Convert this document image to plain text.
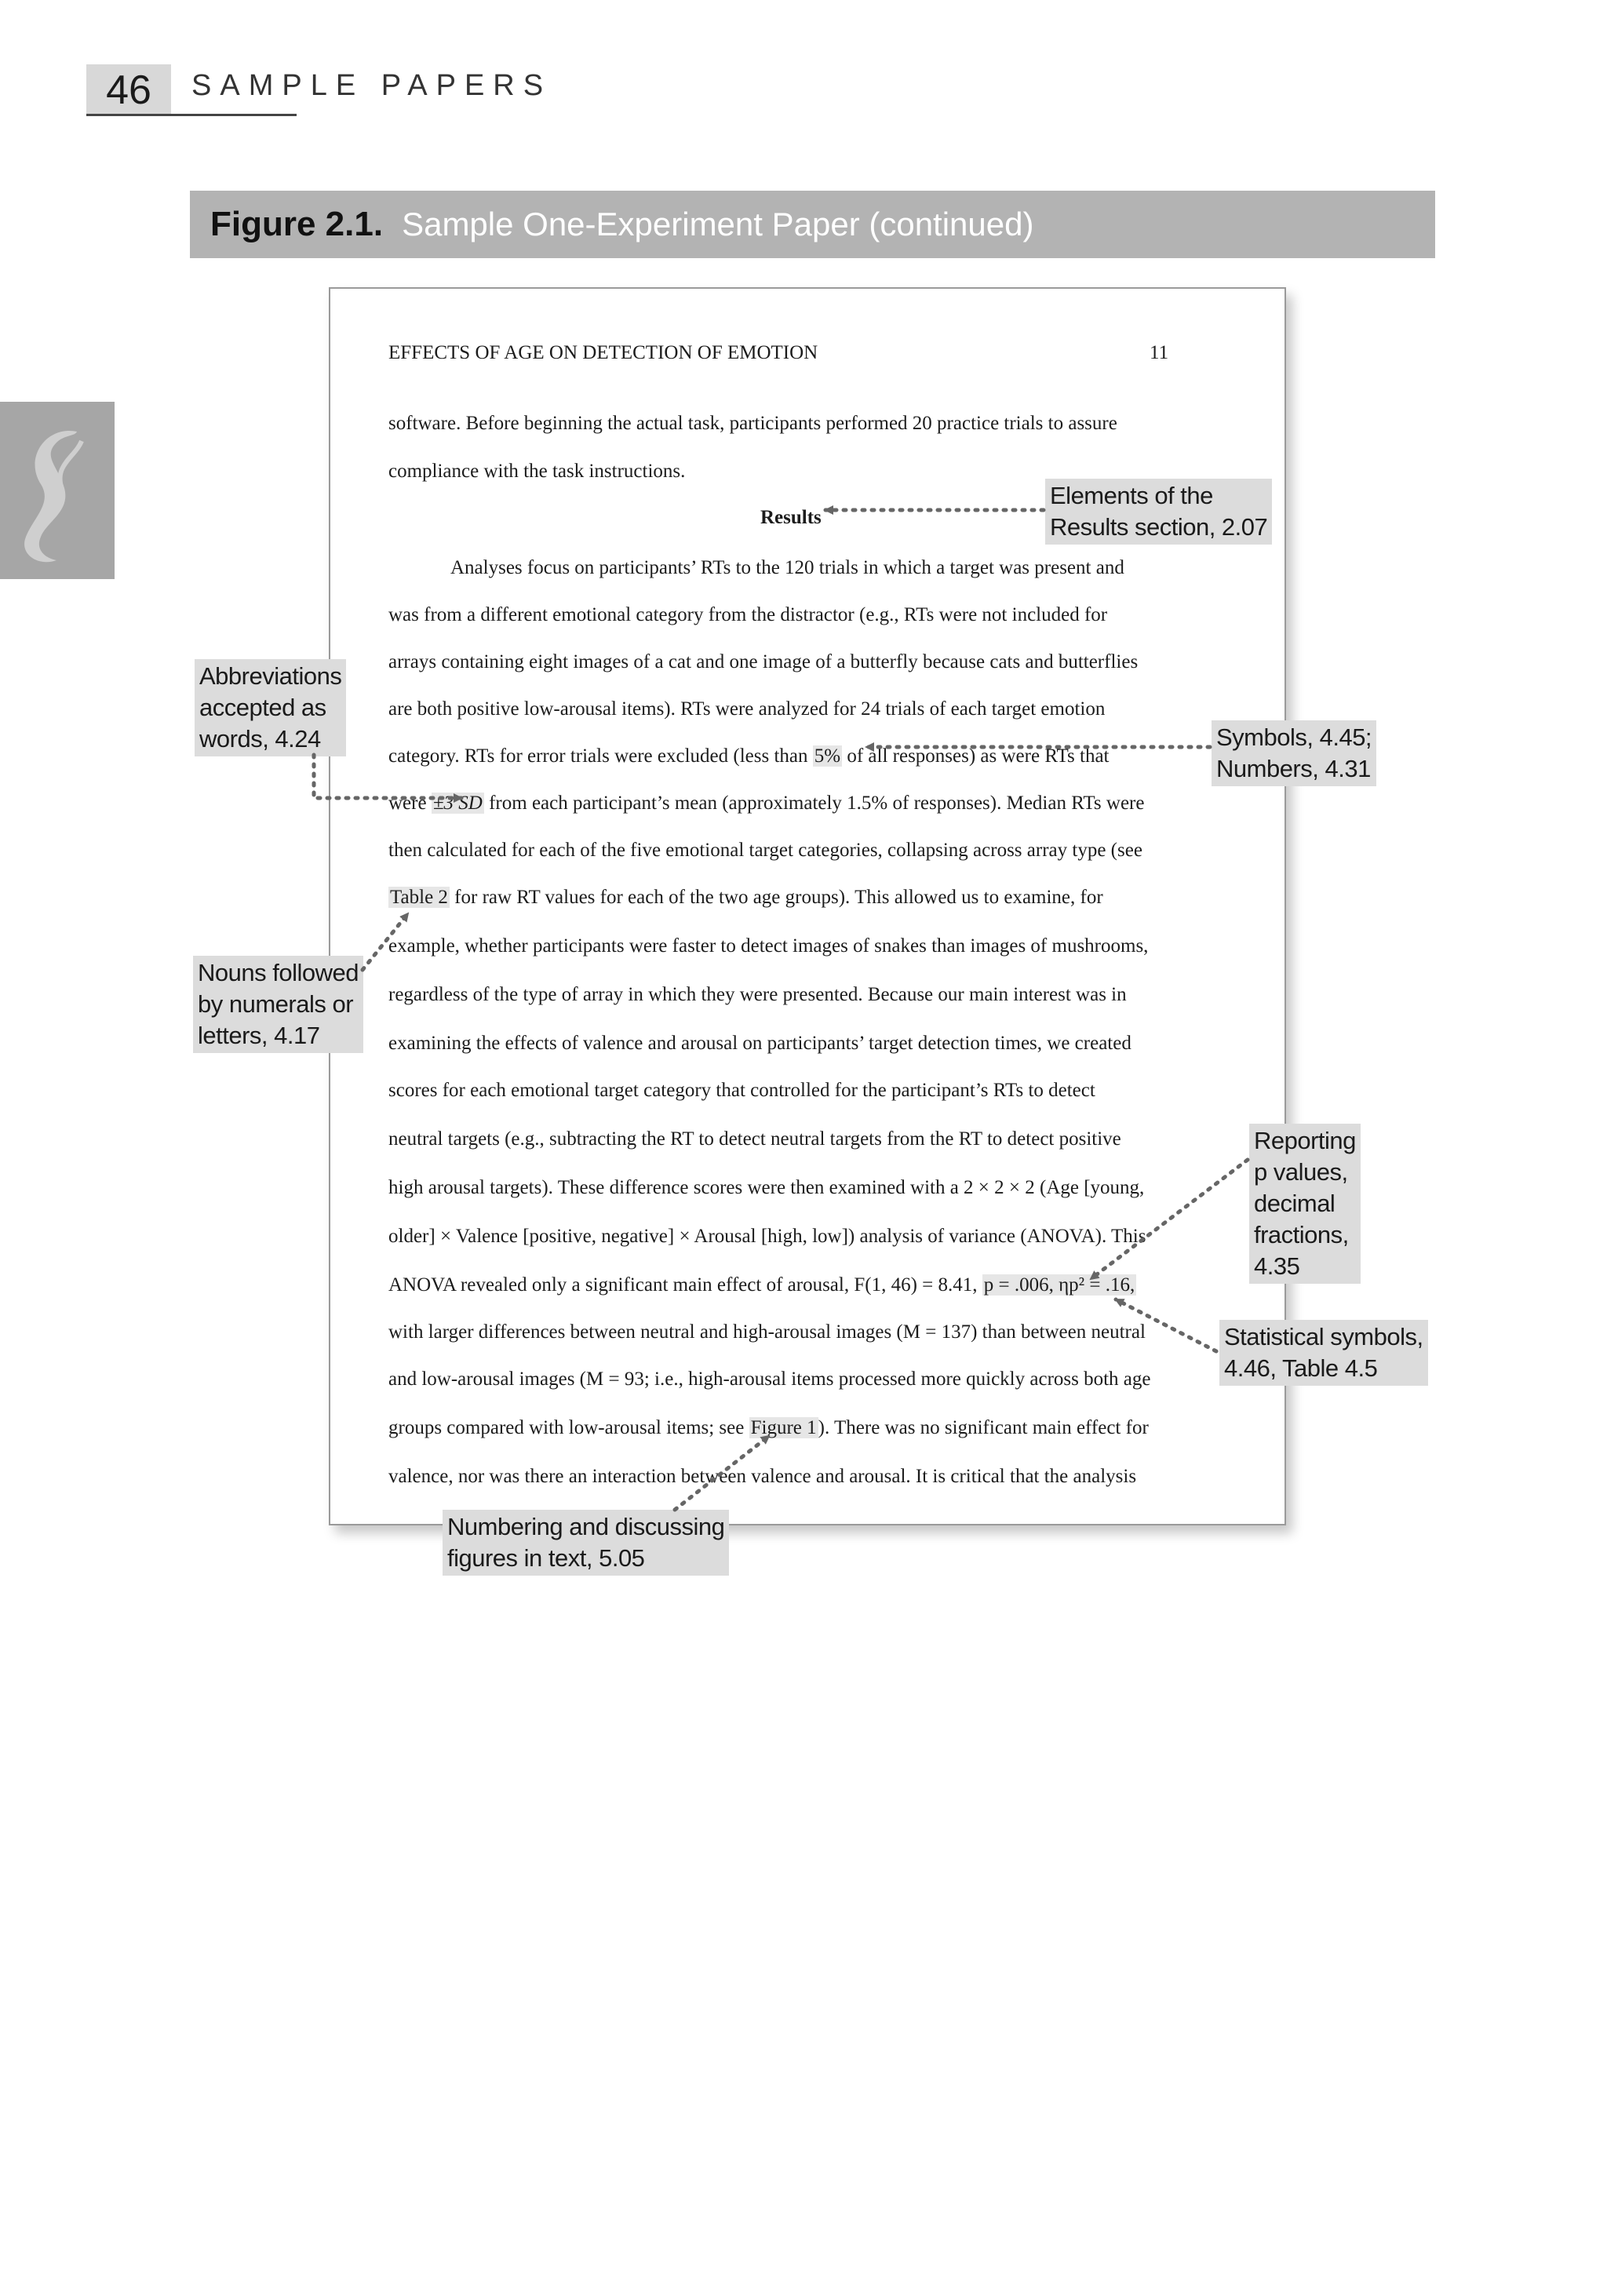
46	SAMPLE PAPERS
Figure 2.1. Sample One-Experiment Paper (continued)
EFFECTS OF AGE ON DETECTION OF EMOTION	11
software. Before beginning the actual task, participants performed 20 practice trials to assure
compliance with the task instructions.
Results
Analyses focus on participants’ RTs to the 120 trials in which a target was present and
was from a different emotional category from the distractor (e.g., RTs were not included for
arrays containing eight images of a cat and one image of a butterfly because cats and butterflies
are both positive low-arousal items). RTs were analyzed for 24 trials of each target emotion
category. RTs for error trials were excluded (less than 5% of all responses) as were RTs that
were ±3 SD from each participant’s mean (approximately 1.5% of responses). Median RTs were
then calculated for each of the five emotional target categories, collapsing across array type (see
Table 2 for raw RT values for each of the two age groups). This allowed us to examine, for
example, whether participants were faster to detect images of snakes than images of mushrooms,
regardless of the type of array in which they were presented. Because our main interest was in
examining the effects of valence and arousal on participants’ target detection times, we created
scores for each emotional target category that controlled for the participant’s RTs to detect
neutral targets (e.g., subtracting the RT to detect neutral targets from the RT to detect positive
high arousal targets). These difference scores were then examined with a 2 × 2 × 2 (Age [young,
older] × Valence [positive, negative] × Arousal [high, low]) analysis of variance (ANOVA). This
ANOVA revealed only a significant main effect of arousal, F(1, 46) = 8.41, p = .006, ηp² = .16,
with larger differences between neutral and high-arousal images (M = 137) than between neutral
and low-arousal images (M = 93; i.e., high-arousal items processed more quickly across both age
groups compared with low-arousal items; see Figure 1). There was no significant main effect for
valence, nor was there an interaction between valence and arousal. It is critical that the analysis
Elements of the
Results section, 2.07
Abbreviations
accepted as
words, 4.24	Symbols, 4.45;
Numbers, 4.31
Nouns followed
by numerals or
letters, 4.17
Reporting
p values,
decimal
fractions,
4.35
Statistical symbols,
4.46, Table 4.5
Numbering and discussing
figures in text, 5.05
